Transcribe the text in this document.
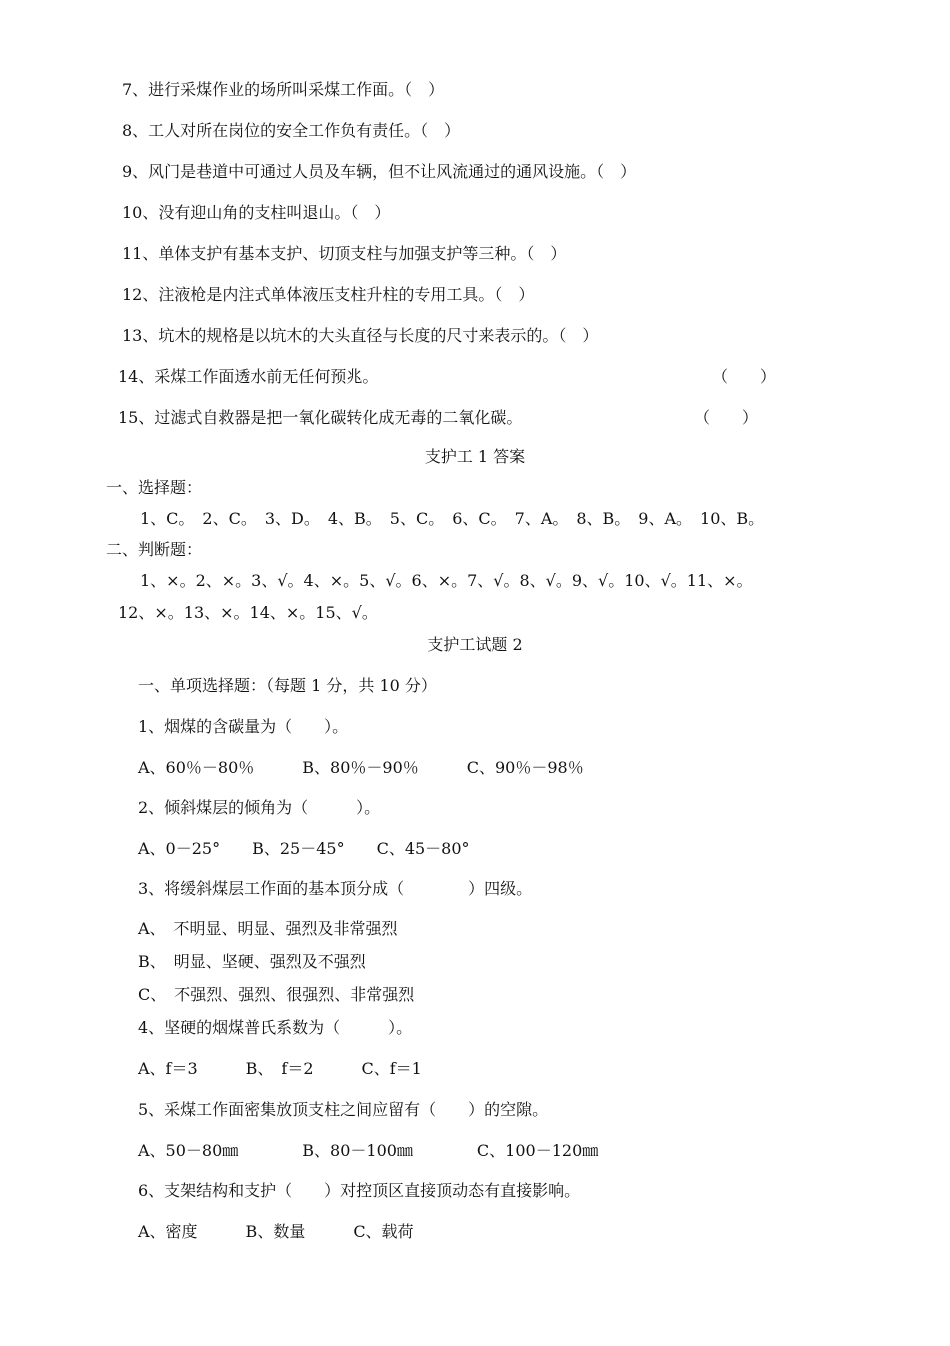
7、进行采煤作业的场所叫采煤工作面。（　）
8、工人对所在岗位的安全工作负有责任。（　）
9、风门是巷道中可通过人员及车辆，但不让风流通过的通风设施。（　）
10、没有迎山角的支柱叫退山。（　）
11、单体支护有基本支护、切顶支柱与加强支护等三种。（　）
12、注液枪是内注式单体液压支柱升柱的专用工具。（　）
13、坑木的规格是以坑木的大头直径与长度的尺寸来表示的。（　）
14、采煤工作面透水前无任何预兆。	（　　）
15、过滤式自救器是把一氧化碳转化成无毒的二氧化碳。	（　　）
支护工 1 答案
一、选择题：
1、C。　2、C。　3、D。　4、B。　5、C。　6、C。　7、A。　8、B。　9、A。　10、B。
二、判断题：
1、×。2、×。3、√。4、×。5、√。6、×。7、√。8、√。9、√。10、√。11、×。
12、×。13、×。14、×。15、√。
支护工试题 2
一、单项选择题：（每题 1 分，共 10 分）
1、烟煤的含碳量为（　　）。
A、60％－80％　　　B、80％－90％　　　C、90％－98％
2、倾斜煤层的倾角为（　　　）。
A、0－25°　　B、25－45°　　C、45－80°
3、将缓斜煤层工作面的基本顶分成（　　　　）四级。
A、　不明显、明显、强烈及非常强烈
B、　明显、坚硬、强烈及不强烈
C、　不强烈、强烈、很强烈、非常强烈
4、坚硬的烟煤普氏系数为（　　　）。
A、f＝3　　　B、　f＝2　　　C、f＝1
5、采煤工作面密集放顶支柱之间应留有（　　）的空隙。
A、50－80㎜　　　　B、80－100㎜　　　　C、100－120㎜
6、支架结构和支护（　　）对控顶区直接顶动态有直接影响。
A、密度　　　B、数量　　　C、载荷
